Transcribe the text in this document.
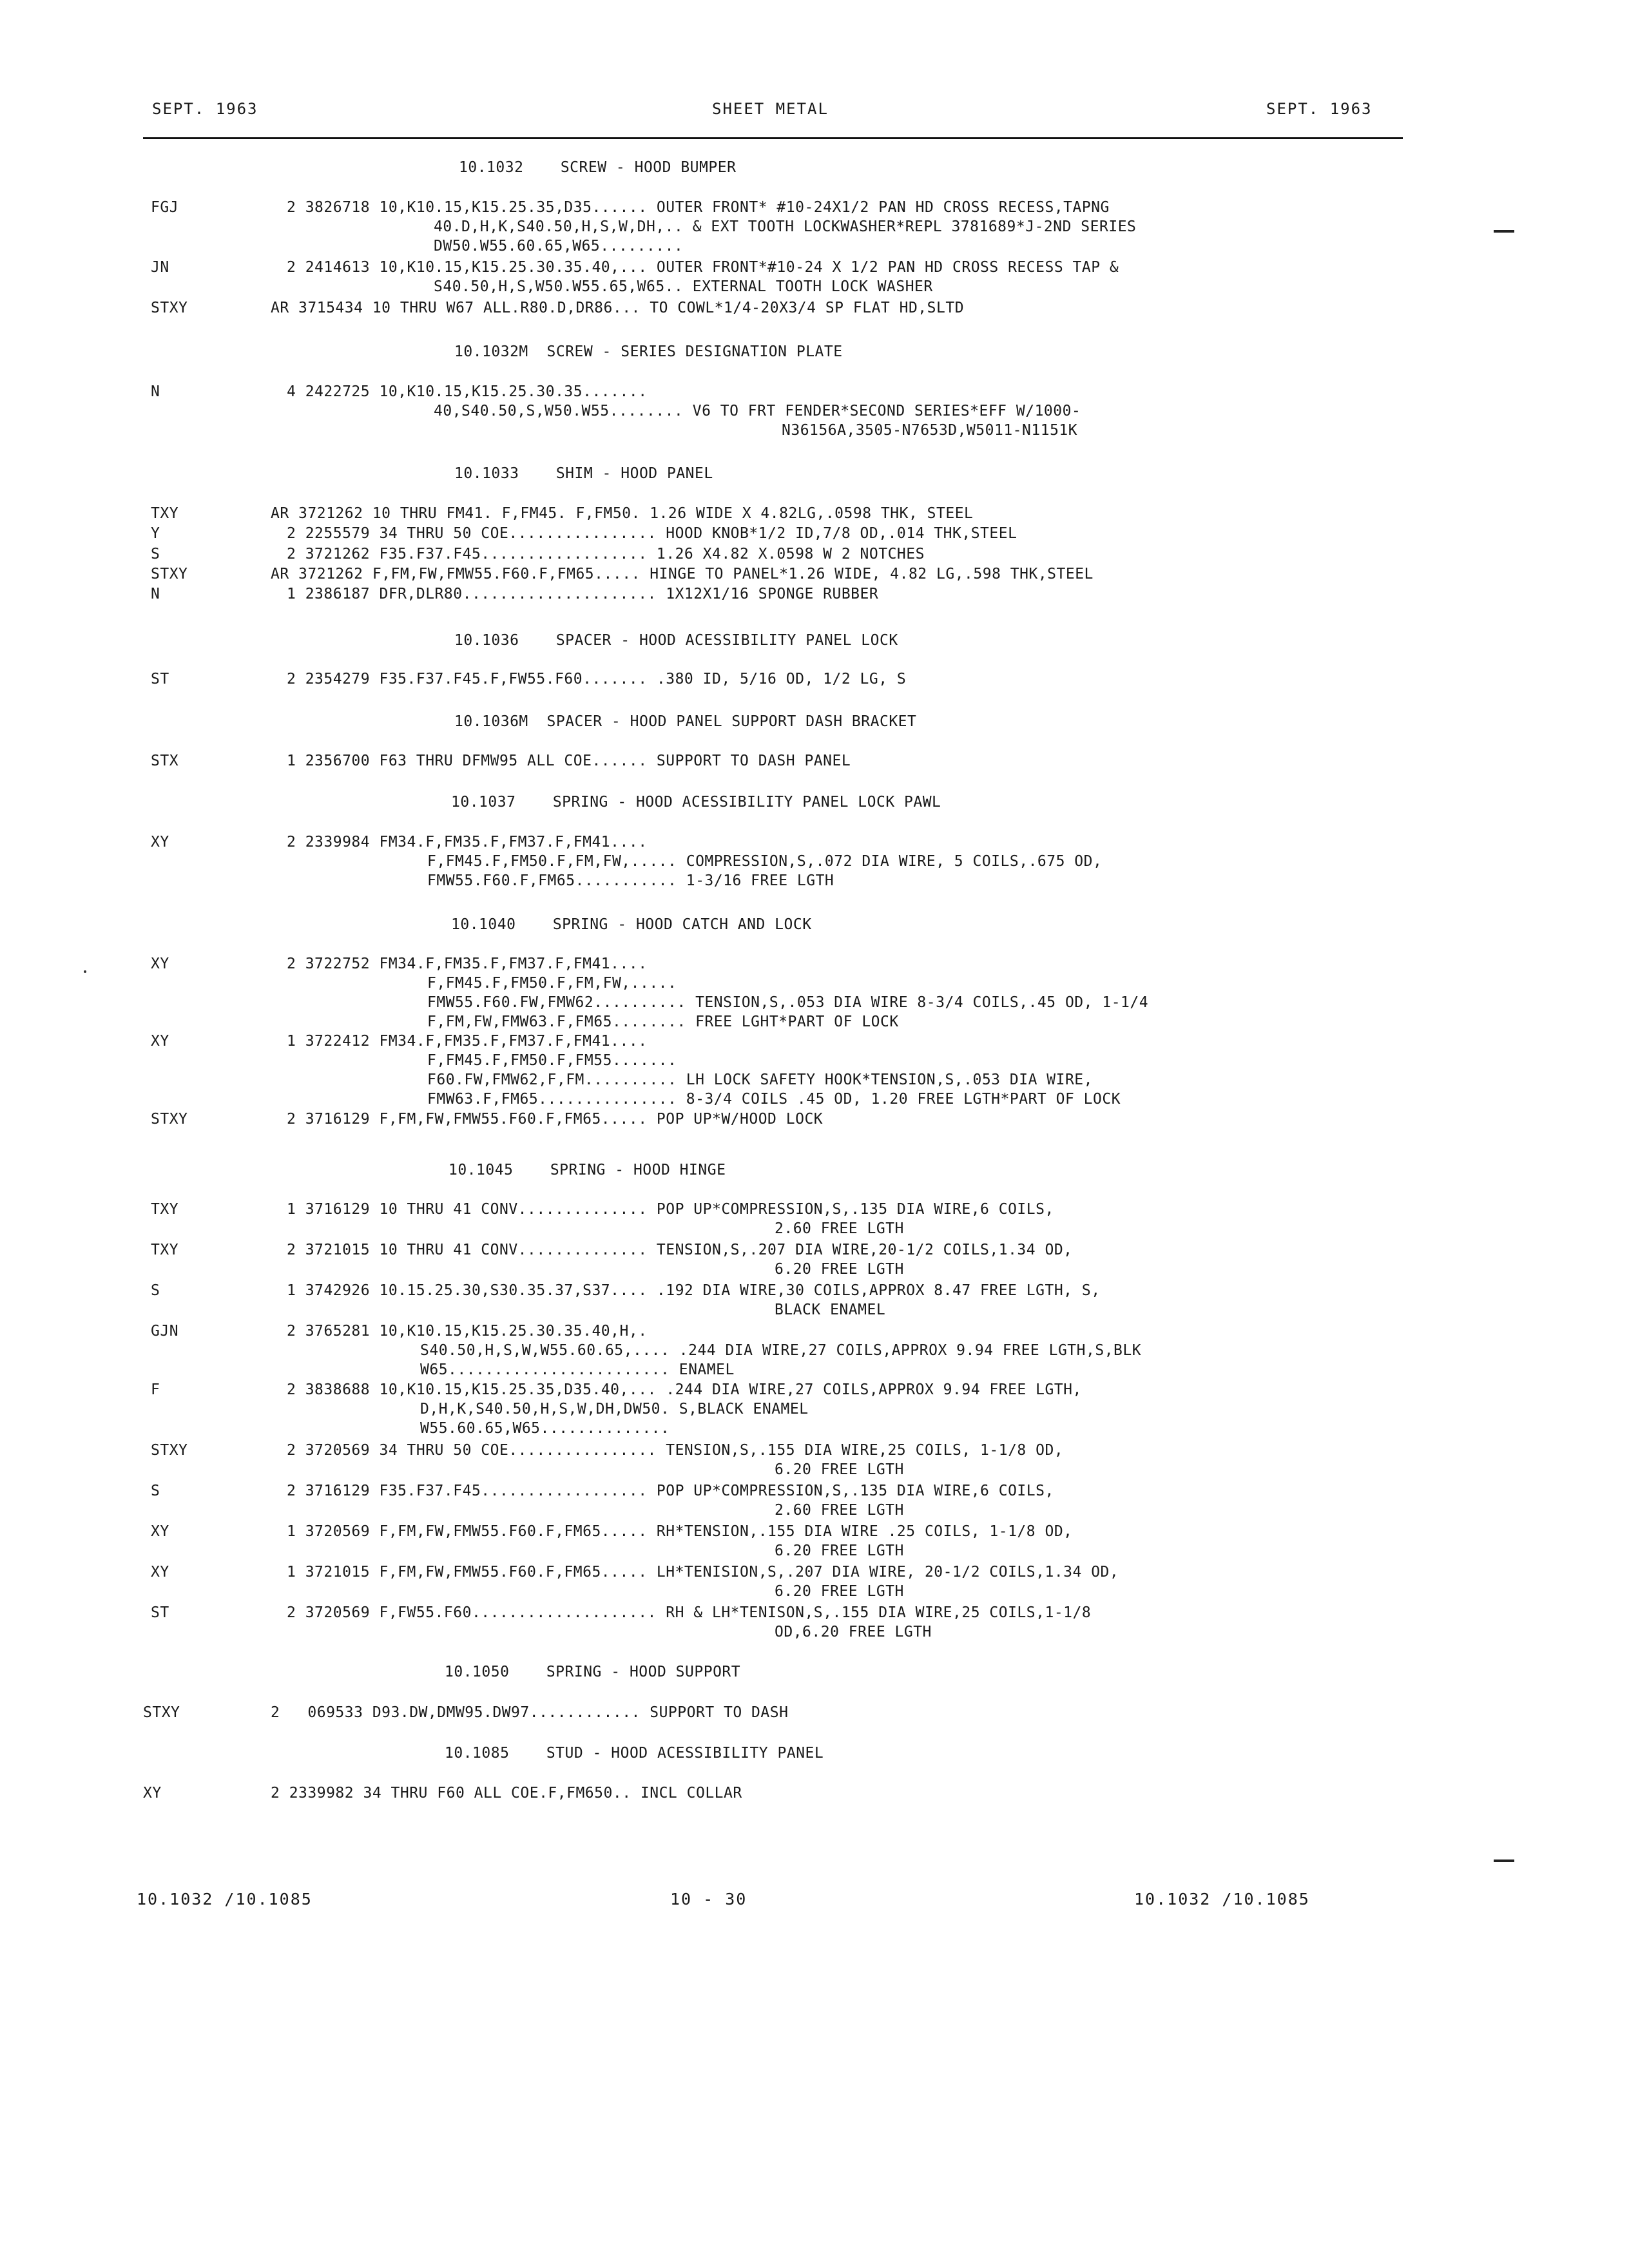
SEPT. 1963	SHEET METAL	SEPT. 1963
10.1032    SCREW - HOOD BUMPER
10.1032M  SCREW - SERIES DESIGNATION PLATE
10.1033    SHIM - HOOD PANEL
10.1036    SPACER - HOOD ACESSIBILITY PANEL LOCK
10.1036M  SPACER - HOOD PANEL SUPPORT DASH BRACKET
10.1037    SPRING - HOOD ACESSIBILITY PANEL LOCK PAWL
10.1040    SPRING - HOOD CATCH AND LOCK
10.1045    SPRING - HOOD HINGE
10.1050    SPRING - HOOD SUPPORT
10.1085    STUD - HOOD ACESSIBILITY PANEL
FGJ	2 3826718 10,K10.15,K15.25.35,D35...... OUTER FRONT* #10-24X1/2 PAN HD CROSS RECESS,TAPNG
40.D,H,K,S40.50,H,S,W,DH,.. & EXT TOOTH LOCKWASHER*REPL 3781689*J-2ND SERIES
DW50.W55.60.65,W65.........
JN	2 2414613 10,K10.15,K15.25.30.35.40,... OUTER FRONT*#10-24 X 1/2 PAN HD CROSS RECESS TAP &
S40.50,H,S,W50.W55.65,W65.. EXTERNAL TOOTH LOCK WASHER
STXY	AR 3715434 10 THRU W67 ALL.R80.D,DR86... TO COWL*1/4-20X3/4 SP FLAT HD,SLTD
N	4 2422725 10,K10.15,K15.25.30.35.......
40,S40.50,S,W50.W55........ V6 TO FRT FENDER*SECOND SERIES*EFF W/1000-
N36156A,3505-N7653D,W5011-N1151K
TXY	AR 3721262 10 THRU FM41. F,FM45. F,FM50. 1.26 WIDE X 4.82LG,.0598 THK, STEEL
Y	2 2255579 34 THRU 50 COE................ HOOD KNOB*1/2 ID,7/8 OD,.014 THK,STEEL
S	2 3721262 F35.F37.F45.................. 1.26 X4.82 X.0598 W 2 NOTCHES
STXY	AR 3721262 F,FM,FW,FMW55.F60.F,FM65..... HINGE TO PANEL*1.26 WIDE, 4.82 LG,.598 THK,STEEL
N	1 2386187 DFR,DLR80..................... 1X12X1/16 SPONGE RUBBER
ST	2 2354279 F35.F37.F45.F,FW55.F60....... .380 ID, 5/16 OD, 1/2 LG, S
STX	1 2356700 F63 THRU DFMW95 ALL COE...... SUPPORT TO DASH PANEL
XY	2 2339984 FM34.F,FM35.F,FM37.F,FM41....
F,FM45.F,FM50.F,FM,FW,..... COMPRESSION,S,.072 DIA WIRE, 5 COILS,.675 OD,
FMW55.F60.F,FM65........... 1-3/16 FREE LGTH
XY	2 3722752 FM34.F,FM35.F,FM37.F,FM41....
F,FM45.F,FM50.F,FM,FW,.....
FMW55.F60.FW,FMW62.......... TENSION,S,.053 DIA WIRE 8-3/4 COILS,.45 OD, 1-1/4
F,FM,FW,FMW63.F,FM65........ FREE LGHT*PART OF LOCK
XY	1 3722412 FM34.F,FM35.F,FM37.F,FM41....
F,FM45.F,FM50.F,FM55.......
F60.FW,FMW62,F,FM.......... LH LOCK SAFETY HOOK*TENSION,S,.053 DIA WIRE,
FMW63.F,FM65............... 8-3/4 COILS .45 OD, 1.20 FREE LGTH*PART OF LOCK
STXY	2 3716129 F,FM,FW,FMW55.F60.F,FM65..... POP UP*W/HOOD LOCK
TXY	1 3716129 10 THRU 41 CONV.............. POP UP*COMPRESSION,S,.135 DIA WIRE,6 COILS,
2.60 FREE LGTH
TXY	2 3721015 10 THRU 41 CONV.............. TENSION,S,.207 DIA WIRE,20-1/2 COILS,1.34 OD,
6.20 FREE LGTH
S	1 3742926 10.15.25.30,S30.35.37,S37.... .192 DIA WIRE,30 COILS,APPROX 8.47 FREE LGTH, S,
BLACK ENAMEL
GJN	2 3765281 10,K10.15,K15.25.30.35.40,H,.
S40.50,H,S,W,W55.60.65,.... .244 DIA WIRE,27 COILS,APPROX 9.94 FREE LGTH,S,BLK
W65........................ ENAMEL
F	2 3838688 10,K10.15,K15.25.35,D35.40,... .244 DIA WIRE,27 COILS,APPROX 9.94 FREE LGTH,
D,H,K,S40.50,H,S,W,DH,DW50. S,BLACK ENAMEL
W55.60.65,W65..............
STXY	2 3720569 34 THRU 50 COE................ TENSION,S,.155 DIA WIRE,25 COILS, 1-1/8 OD,
6.20 FREE LGTH
S	2 3716129 F35.F37.F45.................. POP UP*COMPRESSION,S,.135 DIA WIRE,6 COILS,
2.60 FREE LGTH
XY	1 3720569 F,FM,FW,FMW55.F60.F,FM65..... RH*TENSION,.155 DIA WIRE .25 COILS, 1-1/8 OD,
6.20 FREE LGTH
XY	1 3721015 F,FM,FW,FMW55.F60.F,FM65..... LH*TENISION,S,.207 DIA WIRE, 20-1/2 COILS,1.34 OD,
6.20 FREE LGTH
ST	2 3720569 F,FW55.F60.................... RH & LH*TENISON,S,.155 DIA WIRE,25 COILS,1-1/8
OD,6.20 FREE LGTH
STXY	2   069533 D93.DW,DMW95.DW97............ SUPPORT TO DASH
XY	2 2339982 34 THRU F60 ALL COE.F,FM650.. INCL COLLAR
10.1032 /10.1085	10 - 30	10.1032 /10.1085
